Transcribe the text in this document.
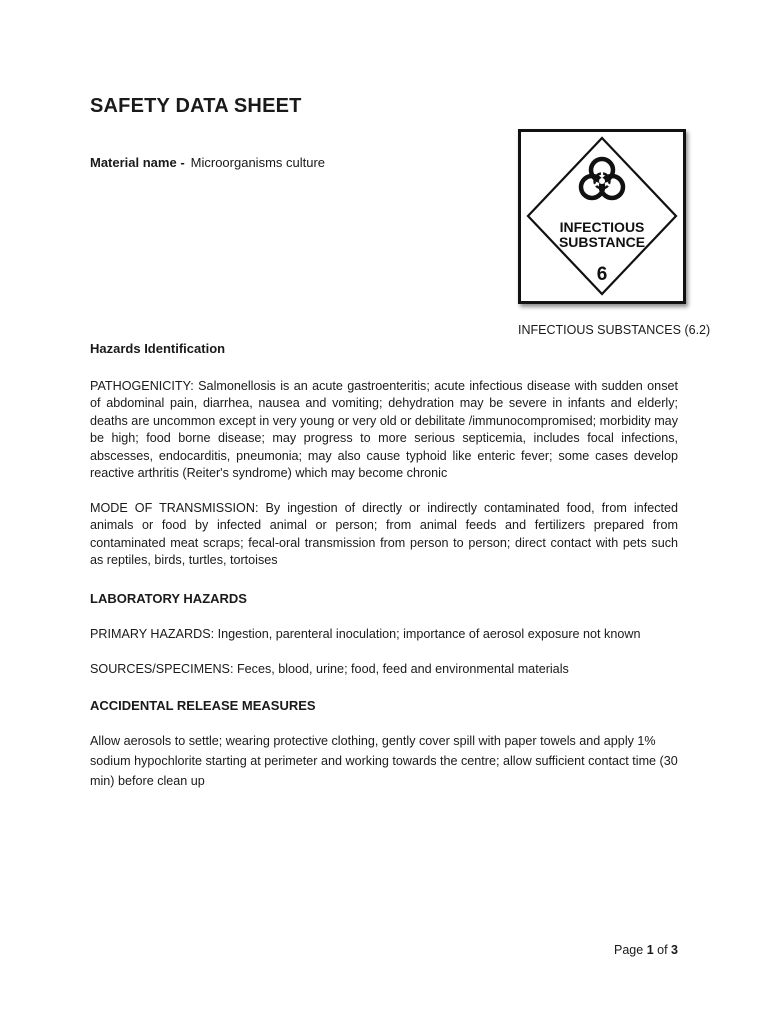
SAFETY DATA SHEET
Material name - Microorganisms culture
INFECTIOUS
SUBSTANCE
6
INFECTIOUS SUBSTANCES (6.2)
Hazards Identification
PATHOGENICITY: Salmonellosis is an acute gastroenteritis; acute infectious disease with sudden onset of abdominal pain, diarrhea, nausea and vomiting; dehydration may be severe in infants and elderly; deaths are uncommon except in very young or very old or debilitate /immunocompromised; morbidity may be high; food borne disease; may progress to more serious septicemia, includes focal infections, abscesses, endocarditis, pneumonia; may also cause typhoid like enteric fever; some cases develop reactive arthritis (Reiter's syndrome) which may become chronic
MODE OF TRANSMISSION: By ingestion of directly or indirectly contaminated food, from infected animals or food by infected animal or person; from animal feeds and fertilizers prepared from contaminated meat scraps; fecal-oral transmission from person to person; direct contact with pets such as reptiles, birds, turtles, tortoises
LABORATORY HAZARDS
PRIMARY HAZARDS: Ingestion, parenteral inoculation; importance of aerosol exposure not known
SOURCES/SPECIMENS: Feces, blood, urine; food, feed and environmental materials
ACCIDENTAL RELEASE MEASURES
Allow aerosols to settle; wearing protective clothing, gently cover spill with paper towels and apply 1% sodium hypochlorite starting at perimeter and working towards the centre; allow sufficient contact time (30 min) before clean up
Page 1 of 3
